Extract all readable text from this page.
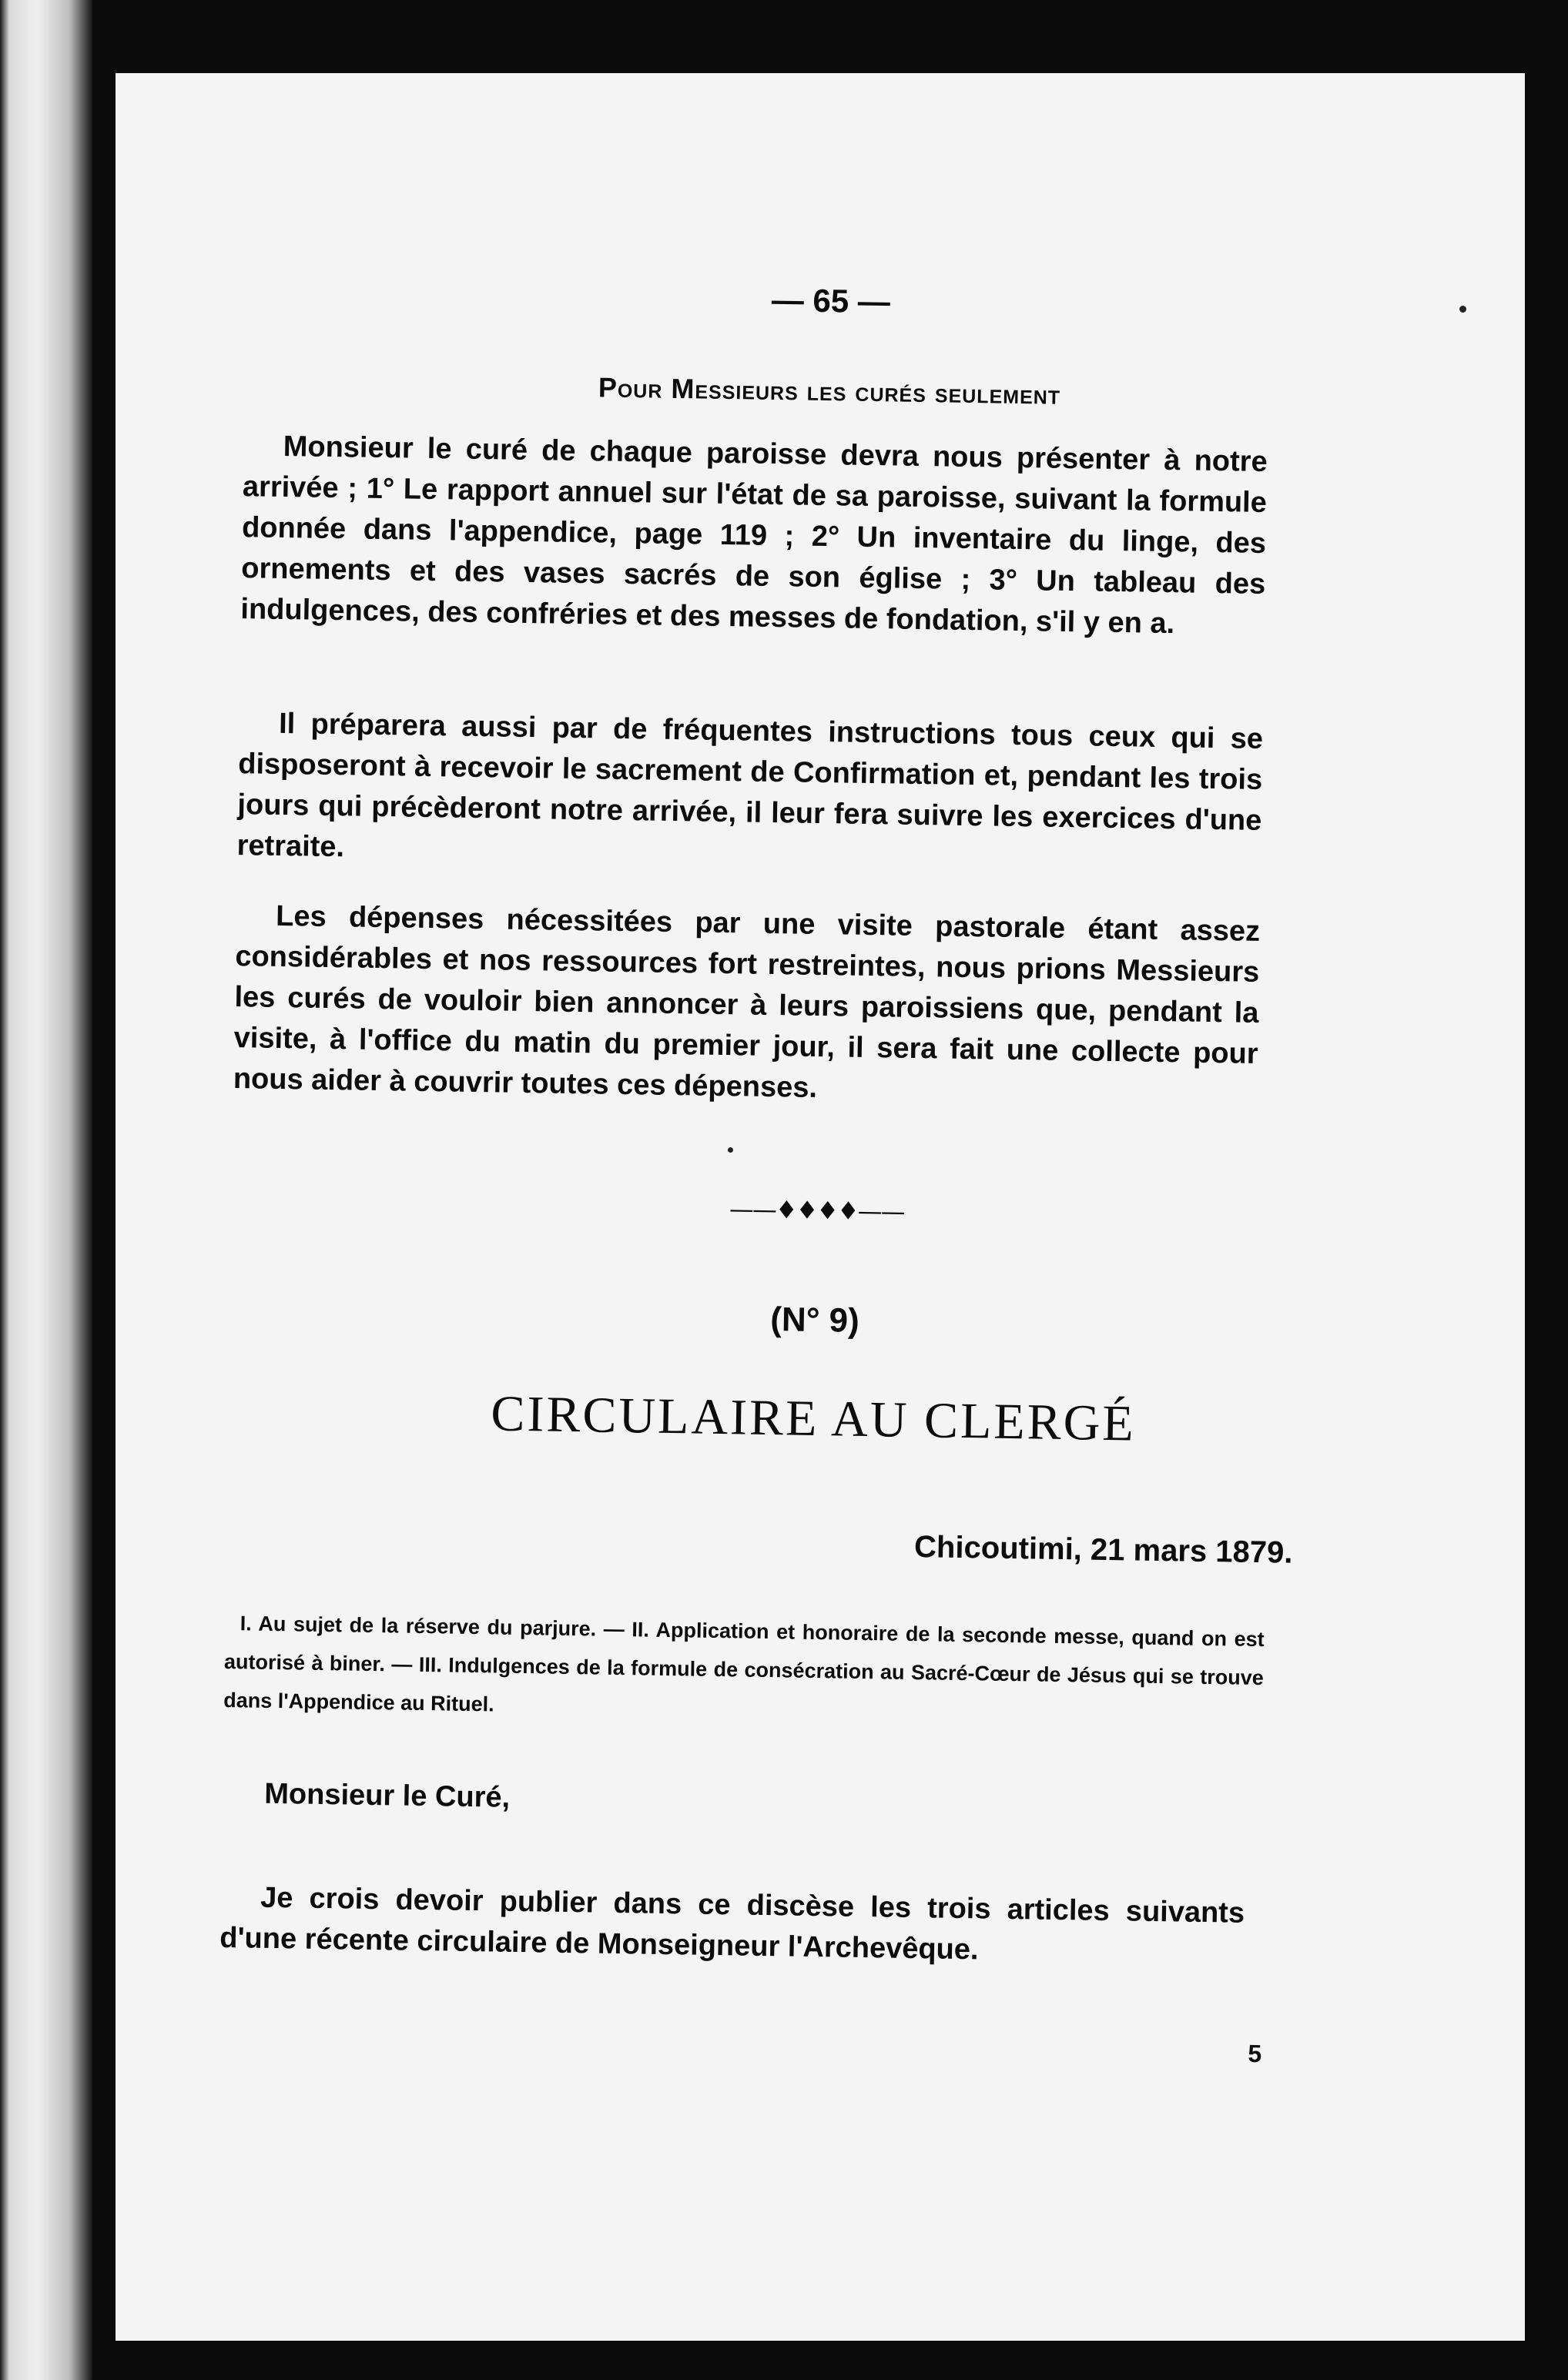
— 65 —
Pour Messieurs les curés seulement

Monsieur le curé de chaque paroisse devra nous présenter à notre arrivée ; 1° Le rapport annuel sur l'état de sa paroisse, suivant la formule donnée dans l'appendice, page 119 ; 2° Un inventaire du linge, des ornements et des vases sacrés de son église ; 3° Un tableau des indulgences, des confréries et des messes de fondation, s'il y en a.

Il préparera aussi par de fréquentes instructions tous ceux qui se disposeront à recevoir le sacrement de Confirmation et, pendant les trois jours qui précèderont notre arrivée, il leur fera suivre les exercices d'une retraite.

Les dépenses nécessitées par une visite pastorale étant assez considérables et nos ressources fort restreintes, nous prions Messieurs les curés de vouloir bien annoncer à leurs paroissiens que, pendant la visite, à l'office du matin du premier jour, il sera fait une collecte pour nous aider à couvrir toutes ces dépenses.

——♦♦♦♦——
(N° 9)
CIRCULAIRE AU CLERGÉ
Chicoutimi, 21 mars 1879.

I. Au sujet de la réserve du parjure. — II. Application et honoraire de la seconde messe, quand on est autorisé à biner. — III. Indulgences de la formule de consécration au Sacré-Cœur de Jésus qui se trouve dans l'Appendice au Rituel.

Monsieur le Curé,

Je crois devoir publier dans ce discèse les trois articles suivants d'une récente circulaire de Monseigneur l'Archevêque.

5
